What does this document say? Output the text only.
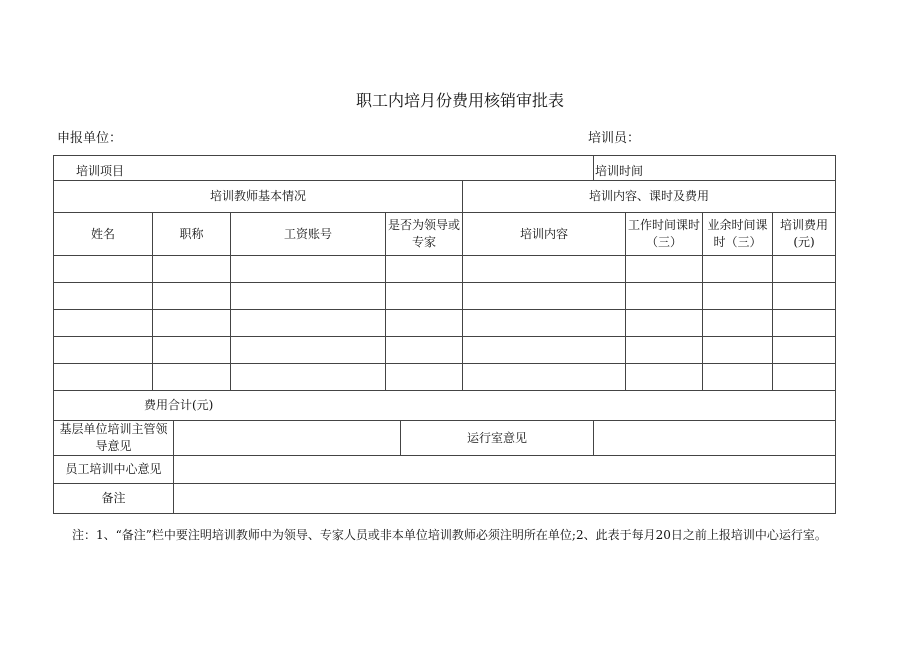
职工内培月份费用核销审批表
申报单位：	培训员：
培训项目	培训时间
培训教师基本情况				培训内容、课时及费用			
姓名	职称	工资账号	是否为领导或专家	培训内容	工作时间课时（三）	业余时间课时（三）	培训费用(元)

费用合计(元)							
基层单位培训主管领导意见		运行室意见	
员工培训中心意见			
备注			
注：1、“备注”栏中要注明培训教师中为领导、专家人员或非本单位培训教师必须注明所在单位;2、此表于每月20日之前上报培训中心运行室。
